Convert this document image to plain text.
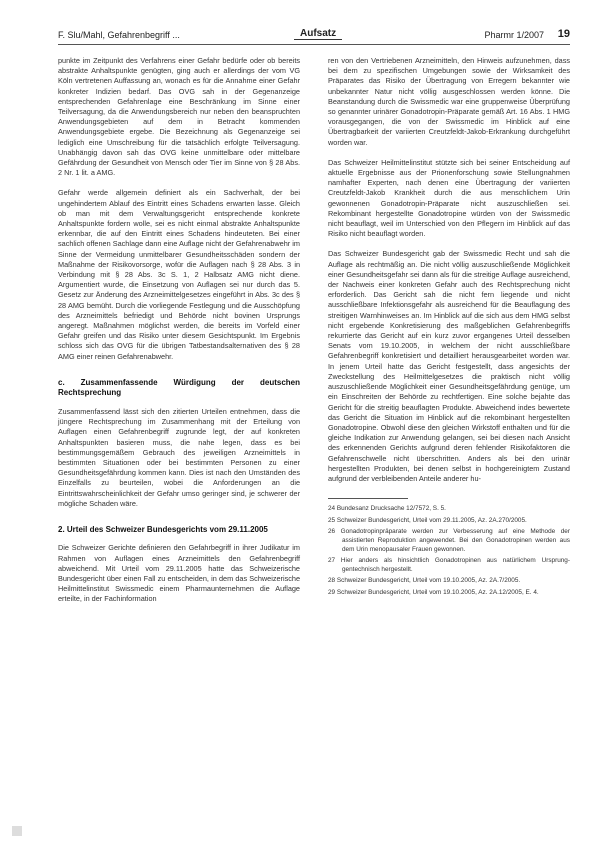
F. Slu/Mahl, Gefahrenbegriff ...	Aufsatz	Pharmr 1/2007 19

punkte im Zeitpunkt des Verfahrens einer Gefahr bedürfe oder ob bereits abstrakte Anhaltspunkte genügten, ging auch er allerdings der vom VG Köln vertretenen Auffassung an, wonach es für die Annahme einer Gefahr konkreter Indizien bedarf. Das OVG sah in der Gegenanzeige entsprechenden Gefahrenlage eine Beschränkung im Sinne einer Teilversagung, da die Anwendungsbereich nur neben den beanspruchten Anwendungsgebieten auf dem in Betracht kommenden Anwendungsgebiete ergebe. Die Bezeichnung als Gegenanzeige sei lediglich eine Umschreibung für die tatsächlich erfolgte Teilversagung. Unabhängig davon sah das OVG keine unmittelbare oder mittelbare Gefährdung der Gesundheit von Mensch oder Tier im Sinne von § 28 Abs. 2 Nr. 1 lit. a AMG.

Gefahr werde allgemein definiert als ein Sachverhalt, der bei ungehindertem Ablauf des Eintritt eines Schadens erwarten lasse. Gleich ob man mit dem Verwaltungsgericht entsprechende konkrete Anhaltspunkte fordern wolle, sei es nicht einmal abstrakte Anhaltspunkte erkennbar, die auf den Eintritt eines Schadens hindeuteten. Bei einer sachlich offenen Sachlage dann eine Auflage nicht der Gefahrenabwehr im Sinne der Vermeidung unmittelbarer Gesundheitsschäden sondern der Maßnahme der Risikovorsorge, wofür die Auflagen nach § 28 Abs. 3 in Verbindung mit § 28 Abs. 3c S. 1, 2 Halbsatz AMG nicht diene. Argumentiert wurde, die Einsetzung von Auflagen sei nur durch das 5. Gesetz zur Änderung des Arzneimittelgesetzes eingeführt in Abs. 3c des § 28 AMG bemüht. Durch die vorliegende Festlegung und die Ausschöpfung des Arzneimittels befriedigt und Behörde nicht bovinen Ursprungs angeregt. Maßnahmen möglichst werden, die bereits im Vorfeld einer Gefahr greifen und das Risiko unter diesem Gesichtspunkt. Im Ergebnis schloss sich das OVG für die übrigen Tatbestandsalternativen des § 28 AMG einer reinen Gefahrenabwehr.

c. Zusammenfassende Würdigung der deutschen Rechtsprechung

Zusammenfassend lässt sich den zitierten Urteilen entnehmen, dass die jüngere Rechtsprechung im Zusammenhang mit der Erteilung von Auflagen einen Gefahrenbegriff zugrunde legt, der auf konkreten Anhaltspunkten basieren muss, die nahe legen, dass es bei bestimmungsgemäßem Gebrauch des jeweiligen Arzneimittels in bestimmten Situationen oder bei bestimmten Personen zu einer Gesundheitsgefährdung kommen kann. Dies ist nach den Umständen des Einzelfalls zu beurteilen, wobei die Anforderungen an die Eintrittswahrscheinlichkeit der Gefahr umso geringer sind, je schwerer der mögliche Schaden wäre.

2. Urteil des Schweizer Bundesgerichts vom 29.11.2005

Die Schweizer Gerichte definieren den Gefahrbegriff in ihrer Judikatur im Rahmen von Auflagen eines Arzneimittels den Gefahrenbegriff abweichend. Mit Urteil vom 29.11.2005 hatte das Schweizerische Bundesgericht über einen Fall zu entscheiden, in dem das Schweizerische Heilmittelinstitut Swissmedic einem Pharmaunternehmen die Auflage erteilte, in der Fachinformation

ren von den Vertriebenen Arzneimitteln, den Hinweis aufzunehmen, dass bei dem zu spezifischen Umgebungen sowie der Wirksamkeit des Präparates das Risiko der Übertragung von Erregern bekannter wie unbekannter Natur nicht völlig ausgeschlossen werden könne. Die Beanstandung durch die Swissmedic war eine gruppenweise Überprüfung so genannter urinärer Gonadotropin-Präparate gemäß Art. 16 Abs. 1 HMG vorausgegangen, die von der Swissmedic im Hinblick auf eine Übertragbarkeit der variierten Creutzfeldt-Jakob-Erkrankung durchgeführt worden war.

Das Schweizer Heilmittelinstitut stützte sich bei seiner Entscheidung auf aktuelle Ergebnisse aus der Prionenforschung sowie Stellungnahmen namhafter Experten, nach denen eine Übertragung der variierten Creutzfeldt-Jakob Krankheit durch die aus menschlichem Urin gewonnenen Gonadotropin-Präparate nicht auszuschließen sei. Rekombinant hergestellte Gonadotropine würden von der Swissmedic nicht beauflagt, weil im Unterschied von den Pflegern im Hinblick auf das Risiko nicht beauflagt worden.

Das Schweizer Bundesgericht gab der Swissmedic Recht und sah die Auflage als rechtmäßig an. Die nicht völlig auszuschließende Möglichkeit einer Gesundheitsgefahr sei dann als für die streitige Auflage ausreichend, der Nachweis einer konkreten Gefahr auch des Rechtsprechung nicht erforderlich. Das Gericht sah die nicht fern liegende und nicht ausschließbare Infektionsgefahr als ausreichend für die Beauflagung des streitigen Warnhinweises an. Im Hinblick auf die sich aus dem HMG selbst nicht ergebende Konkretisierung des maßgeblichen Gefahrenbegriffs rekurrierte das Gericht auf ein kurz zuvor ergangenes Urteil desselben Senats vom 19.10.2005, in welchem der nicht ausschließbare Gefahrenbegriff konkretisiert und detailliert herausgearbeitet worden war. In jenem Urteil hatte das Gericht festgestellt, dass angesichts der Zweckstellung des Heilmittelgesetzes die praktisch nicht völlig auszuschließende Möglichkeit einer Gesundheitsgefährdung genüge, um ein Einschreiten der Behörde zu rechtfertigen. Eine solche bejahte das Gericht für die streitig beauflagten Produkte. Abweichend indes bewertete das Gericht die Situation im Hinblick auf die rekombinant hergestellten Gonadotropine. Obwohl diese den gleichen Wirkstoff enthalten und für die gleiche Indikation zur Anwendung gelangen, sei bei diesen nach Ansicht des erkennenden Gerichts aufgrund deren fehlender Risikofaktoren die Gefahrenschwelle nicht überschritten. Anders als bei den urinär hergestellten Produkten, bei denen selbst in hochgereinigtem Zustand aufgrund der verbleibenden Anteile anderer hu-

24 Bundesanz Drucksache 12/7572, S. 5.
25 Schweizer Bundesgericht, Urteil vom 29.11.2005, Az. 2A.270/2005.
26 Gonadotropinpräparate werden zur Verbesserung auf eine Methode der assistierten Reproduktion angewendet. Bei den Gonadotropinen werden aus dem Urin menopausaler Frauen gewonnen.
27 Hier anders als hinsichtlich Gonadotropinen aus natürlichem Ursprung-gentechnisch hergestellt.
28 Schweizer Bundesgericht, Urteil vom 19.10.2005, Az. 2A.7/2005.
29 Schweizer Bundesgericht, Urteil vom 19.10.2005, Az. 2A.12/2005, E. 4.
